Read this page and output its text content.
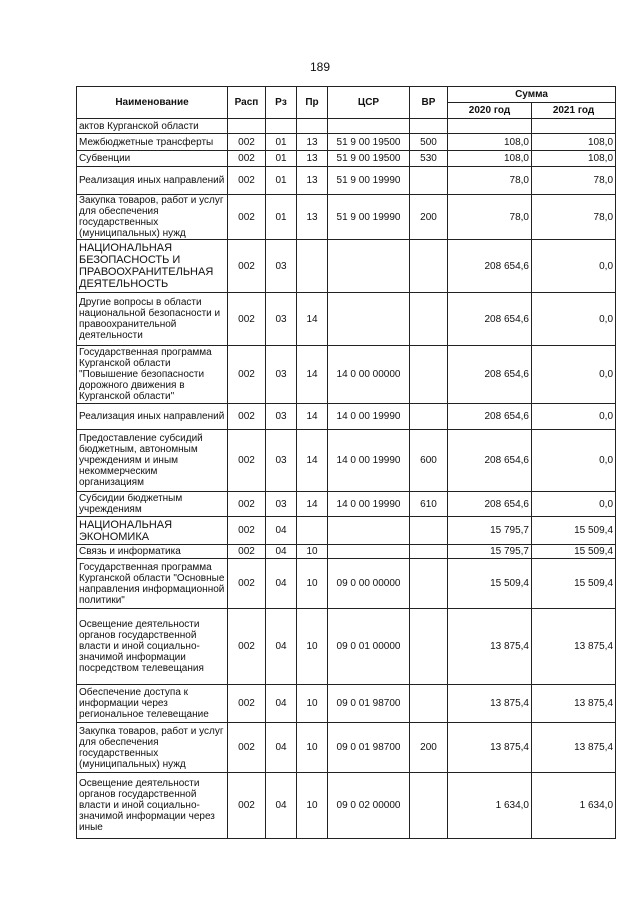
189
Наименование	Расп	Рз	Пр	ЦСР	ВР	Сумма	
						2020 год	2021 год
актов Курганской области							
Межбюджетные трансферты	002	01	13	51 9 00 19500	500	108,0	108,0
Субвенции	002	01	13	51 9 00 19500	530	108,0	108,0
Реализация иных направлений	002	01	13	51 9 00 19990		78,0	78,0
Закупка товаров, работ и услуг для обеспечения государственных (муниципальных) нужд	002	01	13	51 9 00 19990	200	78,0	78,0
НАЦИОНАЛЬНАЯ БЕЗОПАСНОСТЬ И ПРАВООХРАНИТЕЛЬНАЯ ДЕЯТЕЛЬНОСТЬ	002	03				208 654,6	0,0
Другие вопросы в области национальной безопасности и правоохранительной деятельности	002	03	14			208 654,6	0,0
Государственная программа Курганской области "Повышение безопасности дорожного движения в Курганской области"	002	03	14	14 0 00 00000		208 654,6	0,0
Реализация иных направлений	002	03	14	14 0 00 19990		208 654,6	0,0
Предоставление субсидий бюджетным, автономным учреждениям и иным некоммерческим организациям	002	03	14	14 0 00 19990	600	208 654,6	0,0
Субсидии бюджетным учреждениям	002	03	14	14 0 00 19990	610	208 654,6	0,0
НАЦИОНАЛЬНАЯ ЭКОНОМИКА	002	04				15 795,7	15 509,4
Связь и информатика	002	04	10			15 795,7	15 509,4
Государственная программа Курганской области "Основные направления информационной политики"	002	04	10	09 0 00 00000		15 509,4	15 509,4
Освещение деятельности органов государственной власти и иной социально-значимой информации посредством телевещания	002	04	10	09 0 01 00000		13 875,4	13 875,4
Обеспечение доступа к информации через региональное телевещание	002	04	10	09 0 01 98700		13 875,4	13 875,4
Закупка товаров, работ и услуг для обеспечения государственных (муниципальных) нужд	002	04	10	09 0 01 98700	200	13 875,4	13 875,4
Освещение деятельности органов государственной власти и иной социально-значимой информации через иные	002	04	10	09 0 02 00000		1 634,0	1 634,0
